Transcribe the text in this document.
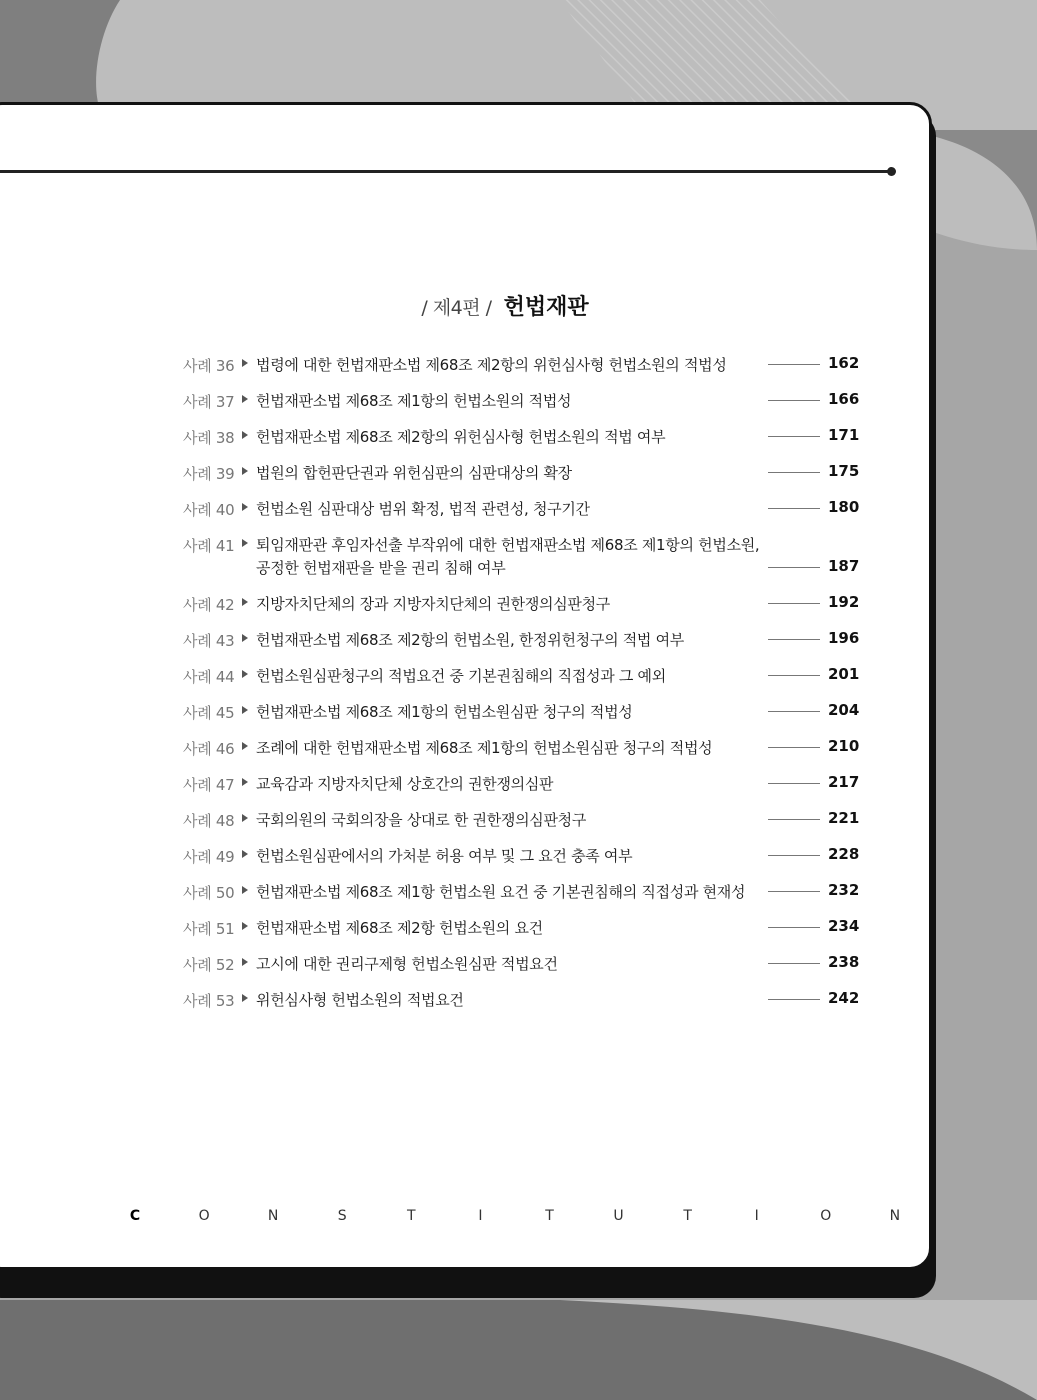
/ 제4편 / 헌법재판
사례 36 법령에 대한 헌법재판소법 제68조 제2항의 위헌심사형 헌법소원의 적법성	162
사례 37 헌법재판소법 제68조 제1항의 헌법소원의 적법성	166
사례 38 헌법재판소법 제68조 제2항의 위헌심사형 헌법소원의 적법 여부	171
사례 39 법원의 합헌판단권과 위헌심판의 심판대상의 확장	175
사례 40 헌법소원 심판대상 범위 확정, 법적 관련성, 청구기간	180
사례 41 퇴임재판관 후임자선출 부작위에 대한 헌법재판소법 제68조 제1항의 헌법소원,
공정한 헌법재판을 받을 권리 침해 여부	187
사례 42 지방자치단체의 장과 지방자치단체의 권한쟁의심판청구	192
사례 43 헌법재판소법 제68조 제2항의 헌법소원, 한정위헌청구의 적법 여부	196
사례 44 헌법소원심판청구의 적법요건 중 기본권침해의 직접성과 그 예외	201
사례 45 헌법재판소법 제68조 제1항의 헌법소원심판 청구의 적법성	204
사례 46 조례에 대한 헌법재판소법 제68조 제1항의 헌법소원심판 청구의 적법성	210
사례 47 교육감과 지방자치단체 상호간의 권한쟁의심판	217
사례 48 국회의원의 국회의장을 상대로 한 권한쟁의심판청구	221
사례 49 헌법소원심판에서의 가처분 허용 여부 및 그 요건 충족 여부	228
사례 50 헌법재판소법 제68조 제1항 헌법소원 요건 중 기본권침해의 직접성과 현재성	232
사례 51 헌법재판소법 제68조 제2항 헌법소원의 요건	234
사례 52 고시에 대한 권리구제형 헌법소원심판 적법요건	238
사례 53 위헌심사형 헌법소원의 적법요건	242
C	O	N	S	T	I	T	U	T	I	O	N
